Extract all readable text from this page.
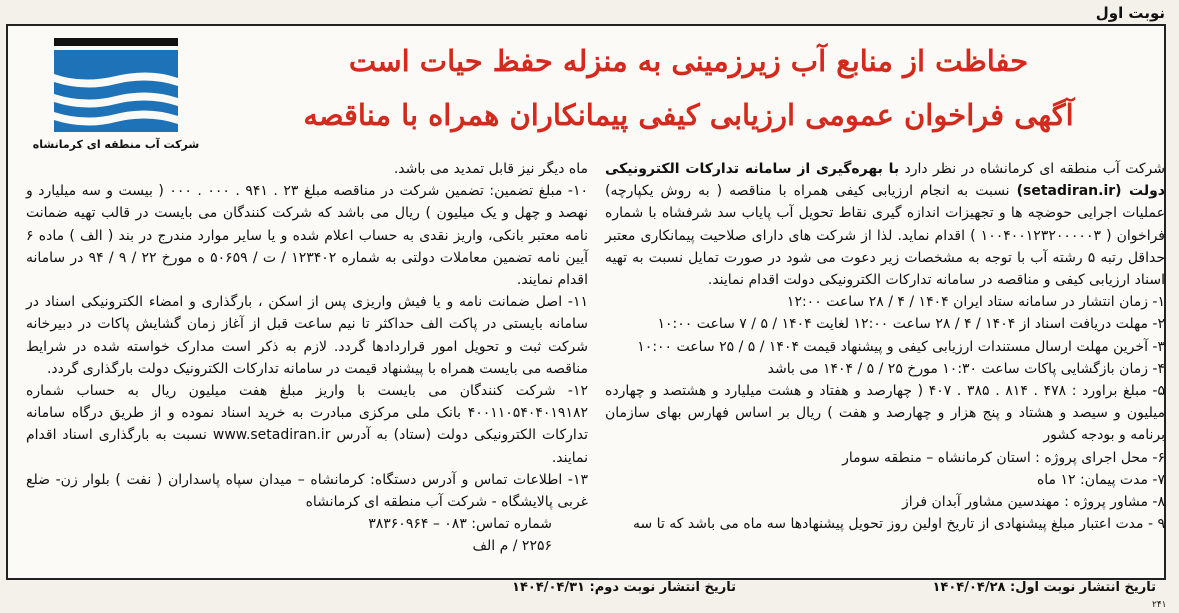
نوبت اول
شرکت آب منطقه ای کرمانشاه
حفاظت از منابع آب زیرزمینی به منزله حفظ حیات است
آگهی فراخوان عمومی ارزیابی کیفی پیمانکاران همراه با مناقصه

شرکت آب منطقه ای کرمانشاه در نظر دارد با بهره‌گیری از سامانه تدارکات الکترونیکی دولت (setadiran.ir) نسبت به انجام ارزیابی کیفی همراه با مناقصه ( به روش یکپارچه) عملیات اجرایی حوضچه ها و تجهیزات اندازه گیری نقاط تحویل آب پایاب سد شرفشاه با شماره فراخوان ( ۱۰۰۴۰۰۱۲۳۲۰۰۰۰۰۳ ) اقدام نماید. لذا از شرکت های دارای صلاحیت پیمانکاری معتبر حداقل رتبه ۵ رشته آب با توجه به مشخصات زیر دعوت می شود در صورت تمایل نسبت به تهیه اسناد ارزیابی کیفی و مناقصه در سامانه تدارکات الکترونیکی دولت اقدام نمایند.

۱- زمان انتشار در سامانه ستاد ایران ۱۴۰۴ / ۴ / ۲۸ ساعت ۱۲:۰۰

۲- مهلت دریافت اسناد از ۱۴۰۴ / ۴ / ۲۸ ساعت ۱۲:۰۰ لغایت ۱۴۰۴ / ۵ / ۷ ساعت ۱۰:۰۰

۳- آخرین مهلت ارسال مستندات ارزیابی کیفی و پیشنهاد قیمت ۱۴۰۴ / ۵ / ۲۵ ساعت ۱۰:۰۰

۴- زمان بازگشایی پاکات ساعت ۱۰:۳۰ مورخ ۲۵ / ۵ / ۱۴۰۴ می باشد

۵- مبلغ براورد : ۴۷۸ . ۸۱۴ . ۳۸۵ . ۴۰۷ ( چهارصد و هفتاد و هشت میلیارد و هشتصد و چهارده میلیون و سیصد و هشتاد و پنج هزار و چهارصد و هفت ) ریال بر اساس فهارس بهای سازمان برنامه و بودجه کشور

۶- محل اجرای پروژه : استان کرمانشاه – منطقه سومار

۷- مدت پیمان: ۱۲ ماه

۸- مشاور پروژه : مهندسین مشاور آبدان فراز

۹ - مدت اعتبار مبلغ پیشنهادی از تاریخ اولین روز تحویل پیشنهادها سه ماه می باشد که تا سه

ماه دیگر نیز قابل تمدید می باشد.

۱۰- مبلغ تضمین: تضمین شرکت در مناقصه مبلغ ۲۳ . ۹۴۱ . ۰۰۰ . ۰۰۰ ( بیست و سه میلیارد و نهصد و چهل و یک میلیون ) ریال می باشد که شرکت کنندگان می بایست در قالب تهیه ضمانت نامه معتبر بانکی، واریز نقدی به حساب اعلام شده و یا سایر موارد مندرج در بند ( الف ) ماده ۶ آیین نامه تضمین معاملات دولتی به شماره ۱۲۳۴۰۲ / ت / ۵۰۶۵۹ ه مورخ ۲۲ / ۹ / ۹۴ در سامانه اقدام نمایند.

۱۱- اصل ضمانت نامه و یا فیش واریزی پس از اسکن ، بارگذاری و امضاء الکترونیکی اسناد در سامانه بایستی در پاکت الف حداکثر تا نیم ساعت قبل از آغاز زمان گشایش پاکات در دبیرخانه شرکت ثبت و تحویل امور قراردادها گردد. لازم به ذکر است مدارک خواسته شده در شرایط مناقصه می بایست همراه با پیشنهاد قیمت در سامانه تدارکات الکترونیک دولت بارگذاری گردد.

۱۲- شرکت کنندگان می بایست با واریز مبلغ هفت میلیون ریال به حساب شماره ۴۰۰۱۱۰۵۴۰۴۰۱۹۱۸۲ بانک ملی مرکزی مبادرت به خرید اسناد نموده و از طریق درگاه سامانه تدارکات الکترونیکی دولت (ستاد) به آدرس www.setadiran.ir نسبت به بارگذاری اسناد اقدام نمایند.

۱۳- اطلاعات تماس و آدرس دستگاه: کرمانشاه – میدان سپاه پاسداران ( نفت ) بلوار زن- ضلع غربی پالایشگاه - شرکت آب منطقه ای کرمانشاه

شماره تماس: ۰۸۳ – ۳۸۳۶۰۹۶۴

۲۲۵۶ / م الف

تاریخ انتشار نوبت اول: ۱۴۰۴/۰۴/۲۸
تاریخ انتشار نوبت دوم: ۱۴۰۴/۰۴/۳۱
۲۴۱
